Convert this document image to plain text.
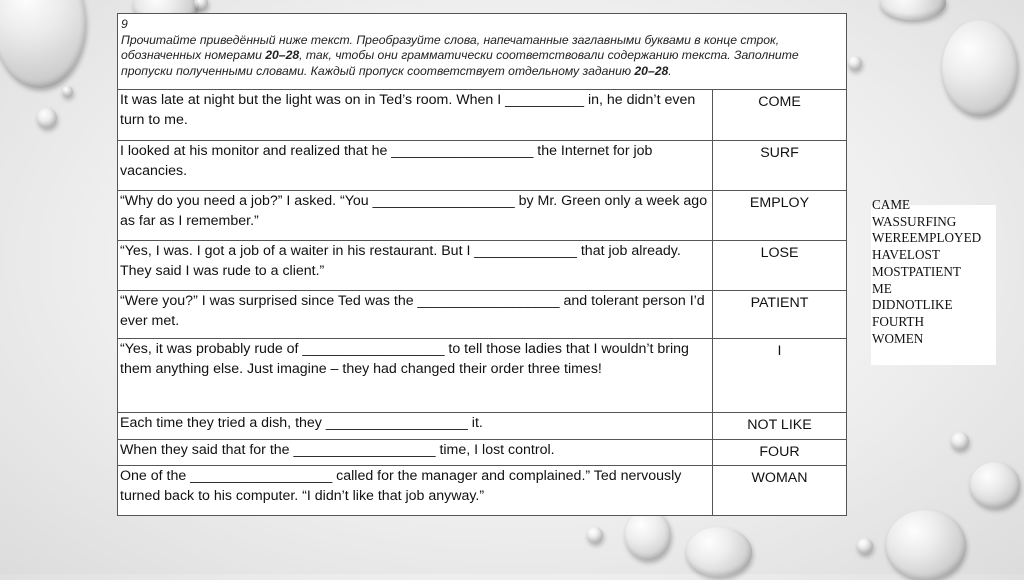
9
Прочитайте приведённый ниже текст. Преобразуйте слова, напечатанные заглавными буквами в конце строк, обозначенных номерами 20–28, так, чтобы они грамматически соответствовали содержанию текста. Заполните пропуски полученными словами. Каждый пропуск соответствует отдельному заданию 20–28.
It was late at night but the light was on in Ted’s room. When I __________ in, he didn’t even turn to me.
COME
I looked at his monitor and realized that he __________________ the Internet for job vacancies.
SURF
“Why do you need a job?” I asked. “You __________________ by Mr. Green only a week ago as far as I remember.”
EMPLOY
“Yes, I was. I got a job of a waiter in his restaurant. But I _____________ that job already. They said I was rude to a client.”
LOSE
“Were you?” I was surprised since Ted was the __________________ and tolerant person I’d ever met.
PATIENT
“Yes, it was probably rude of __________________ to tell those ladies that I wouldn’t bring them anything else. Just imagine – they had changed their order three times!
I
Each time they tried a dish, they __________________ it.	NOT LIKE
When they said that for the __________________ time, I lost control.	FOUR
One of the __________________ called for the manager and complained.” Ted nervously turned back to his computer. “I didn’t like that job anyway.”
WOMAN
CAME
WASSURFING
WEREEMPLOYED
HAVELOST
MOSTPATIENT
ME
DIDNOTLIKE
FOURTH
WOMEN
